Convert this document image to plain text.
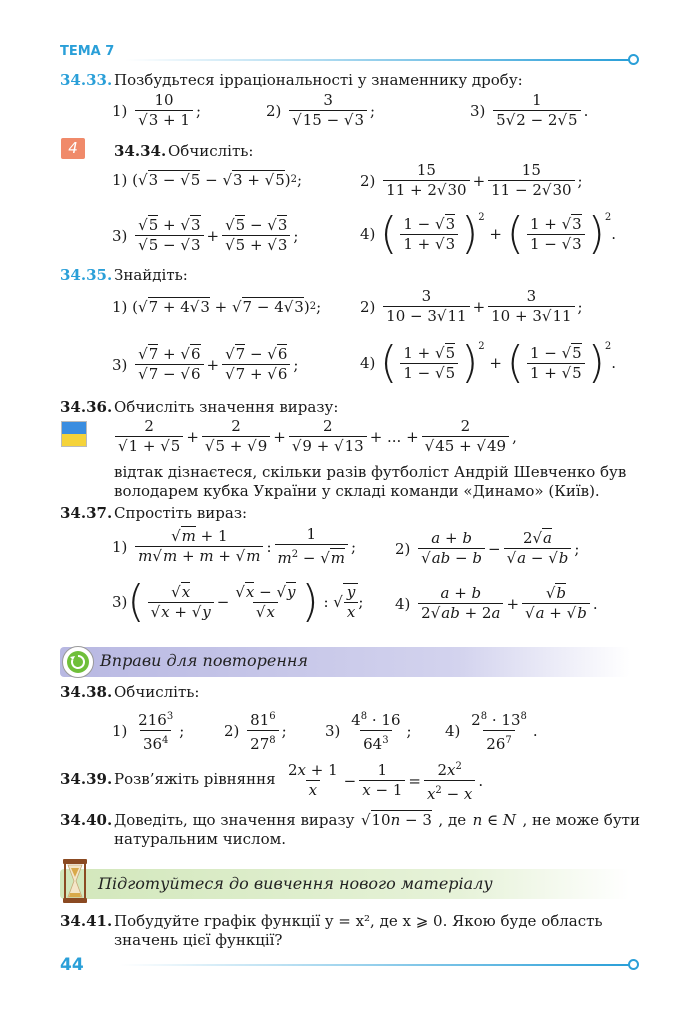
ТЕМА 7
34.33. Позбудьтеся ірраціональності у знаменнику дробу:
$1) \frac{10}{√3 + 1}$ ;	$2) \frac{3}{√15 - √3}$ ;	$3) \frac{1}{5√2 - 2√5}$ .
4	34.34. Обчисліть:
1) (√ 3 − √5 − √ 3 + √5 ) 2 ;	$2) \frac{15}{11 + 2√30} + \frac{15}{11 - 2√30}$ ;
$3) \frac{√5 + √3}{√5 - √3} + \frac{√5 - √3}{√5 + √3}$ ;	4) ( $\frac{1 - √3}{1 + √3} )^2$
+ ( $\frac{1 + √3}{1 - √3} )^2$
.
34.35. Знайдіть:
1) (√ 7 + 4√3 + √ 7 − 4√3 ) 2 ;	$2) \frac{3}{10 - 3√11} + \frac{3}{10 + 3√11}$ ;
$3) \frac{√7 + √6}{√7 - √6} + \frac{√7 - √6}{√7 + √6}$ ;	4) ( $\frac{1 + √5}{1 - √5} )^2$
+ ( $\frac{1 - √5}{1 + √5} )^2$
.
34.36. Обчисліть значення виразу:
$\frac{2}{√1 + √5} + \frac{2}{√5 + √9} + \frac{2}{√9 + √13}$ + ... + $\frac{2}{√45 + √49}$ ,
відтак дізнаєтеся, скільки разів футболіст Андрій Шевченко був
володарем кубка України у складі команди «Динамо» (Київ).
34.37. Спростіть вираз:
$1) \frac{√m + 1}{m√m + m + √m}$ : $\frac{1}{m^2 - √m}$ ;	$2) \frac{a + b}{√ab - b} - \frac{2√a}{√a - √b}$ ;
3) ( $\frac{√x}{√x + √y} - \frac{√x - √y}{√x}$ ) : √ $\frac{y}{x}$ ; $4) \frac{a + b}{2√ab + 2a} + \frac{√b}{√a + √b}$ .
Вправи для повторення
34.38. Обчисліть:
$1) \frac{216^3}{36^4}$ ;	$2) \frac{81^6}{27^8}$ ;	$3) \frac{4^8 \cdot 16}{64^3}$ ; $4) \frac{2^8 \cdot 13^8}{26^7}$ .
34.39. Розв’яжіть рівняння $\frac{2x + 1}{x} - \frac{1}{x - 1} = \frac{2x^2}{x^2 - x}$ .
34.40. Доведіть, що значення виразу √10n − 3 , де n ∈ N , не може бути
натуральним числом.
Підготуйтеся до вивчення нового матеріалу
34.41. Побудуйте графік функції y = x², де x ⩾ 0. Якою буде область
значень цієї функції?
44
